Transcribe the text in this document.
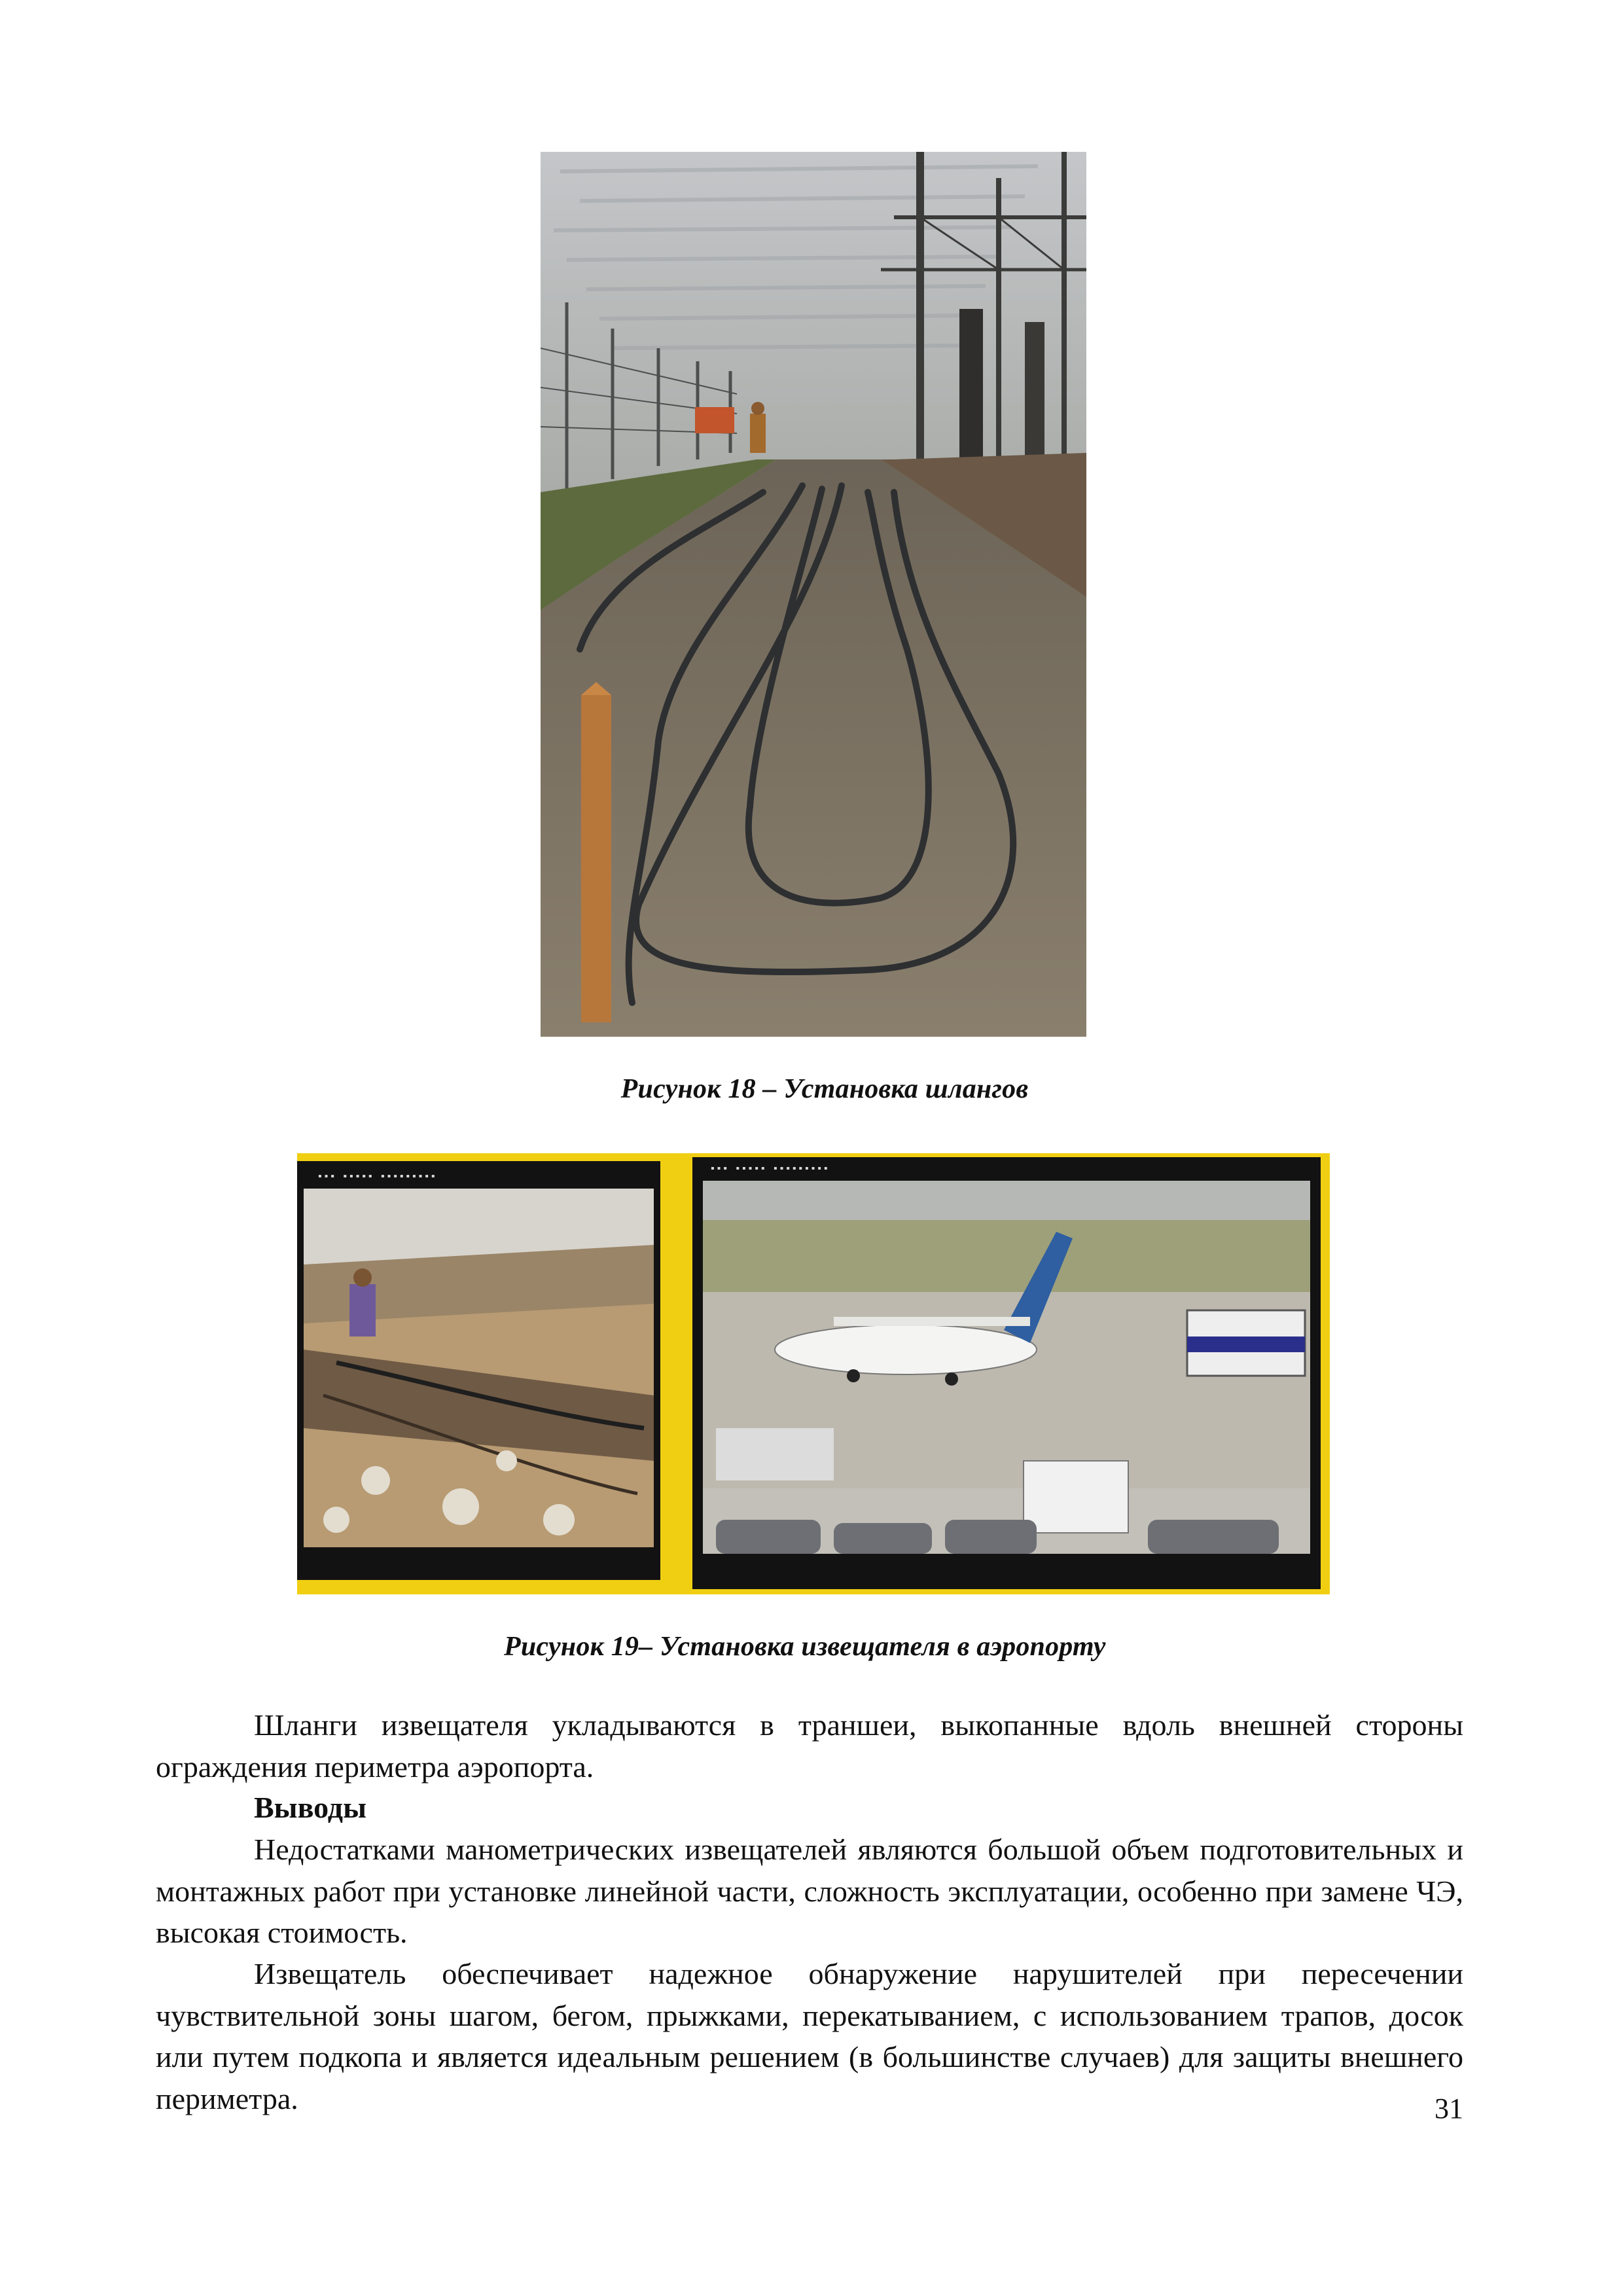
Рисунок 18 – Установка шлангов
▪▪▪ ▪▪▪▪▪ ▪▪▪▪▪▪▪▪▪
▪▪▪ ▪▪▪▪▪ ▪▪▪▪▪▪▪▪▪
Рисунок 19– Установка извещателя в аэропорту

Шланги извещателя укладываются в траншеи, выкопанные вдоль внешней стороны ограждения периметра аэропорта.

Выводы

Недостатками манометрических извещателей являются большой объем подготовительных и монтажных работ при установке линейной части, сложность эксплуатации, особенно при замене ЧЭ, высокая стоимость.

Извещатель обеспечивает надежное обнаружение нарушителей при пересечении чувствительной зоны шагом, бегом, прыжками, перекатыванием, с использованием трапов, досок или путем подкопа и является идеальным решением (в большинстве случаев) для защиты внешнего периметра.	31
